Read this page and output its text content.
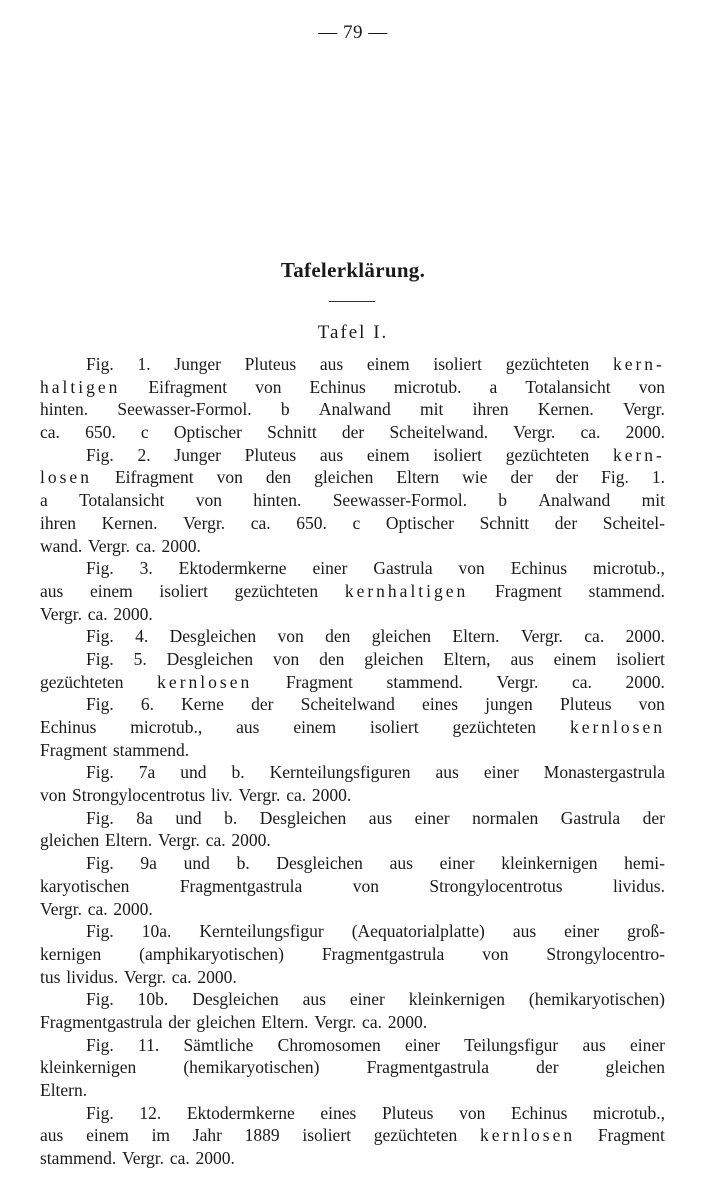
— 79 —
Tafelerklärung.
Tafel I.
Fig. 1. Junger Pluteus aus einem isoliert gezüchteten kern-
haltigen Eifragment von Echinus microtub. a Totalansicht von
hinten. Seewasser-Formol. b Analwand mit ihren Kernen. Vergr.
ca. 650. c Optischer Schnitt der Scheitelwand. Vergr. ca. 2000.
Fig. 2. Junger Pluteus aus einem isoliert gezüchteten kern-
losen Eifragment von den gleichen Eltern wie der der Fig. 1.
a Totalansicht von hinten. Seewasser-Formol. b Analwand mit
ihren Kernen. Vergr. ca. 650. c Optischer Schnitt der Scheitel-
wand. Vergr. ca. 2000.
Fig. 3. Ektodermkerne einer Gastrula von Echinus microtub.,
aus einem isoliert gezüchteten kernhaltigen Fragment stammend.
Vergr. ca. 2000.
Fig. 4. Desgleichen von den gleichen Eltern. Vergr. ca. 2000.
Fig. 5. Desgleichen von den gleichen Eltern, aus einem isoliert
gezüchteten kernlosen Fragment stammend. Vergr. ca. 2000.
Fig. 6. Kerne der Scheitelwand eines jungen Pluteus von
Echinus microtub., aus einem isoliert gezüchteten kernlosen
Fragment stammend.
Fig. 7a und b. Kernteilungsfiguren aus einer Monastergastrula
von Strongylocentrotus liv. Vergr. ca. 2000.
Fig. 8a und b. Desgleichen aus einer normalen Gastrula der
gleichen Eltern. Vergr. ca. 2000.
Fig. 9a und b. Desgleichen aus einer kleinkernigen hemi-
karyotischen	Fragmentgastrula	von	Strongylocentrotus	lividus.
Vergr. ca. 2000.
Fig. 10a. Kernteilungsfigur (Aequatorialplatte) aus einer groß-
kernigen (amphikaryotischen) Fragmentgastrula von Strongylocentro-
tus lividus. Vergr. ca. 2000.
Fig. 10b. Desgleichen aus einer kleinkernigen (hemikaryotischen)
Fragmentgastrula der gleichen Eltern. Vergr. ca. 2000.
Fig. 11. Sämtliche Chromosomen einer Teilungsfigur aus einer
kleinkernigen	(hemikaryotischen)	Fragmentgastrula	der	gleichen
Eltern.
Fig. 12. Ektodermkerne eines Pluteus von Echinus microtub.,
aus einem im Jahr 1889 isoliert gezüchteten kernlosen Fragment
stammend. Vergr. ca. 2000.
